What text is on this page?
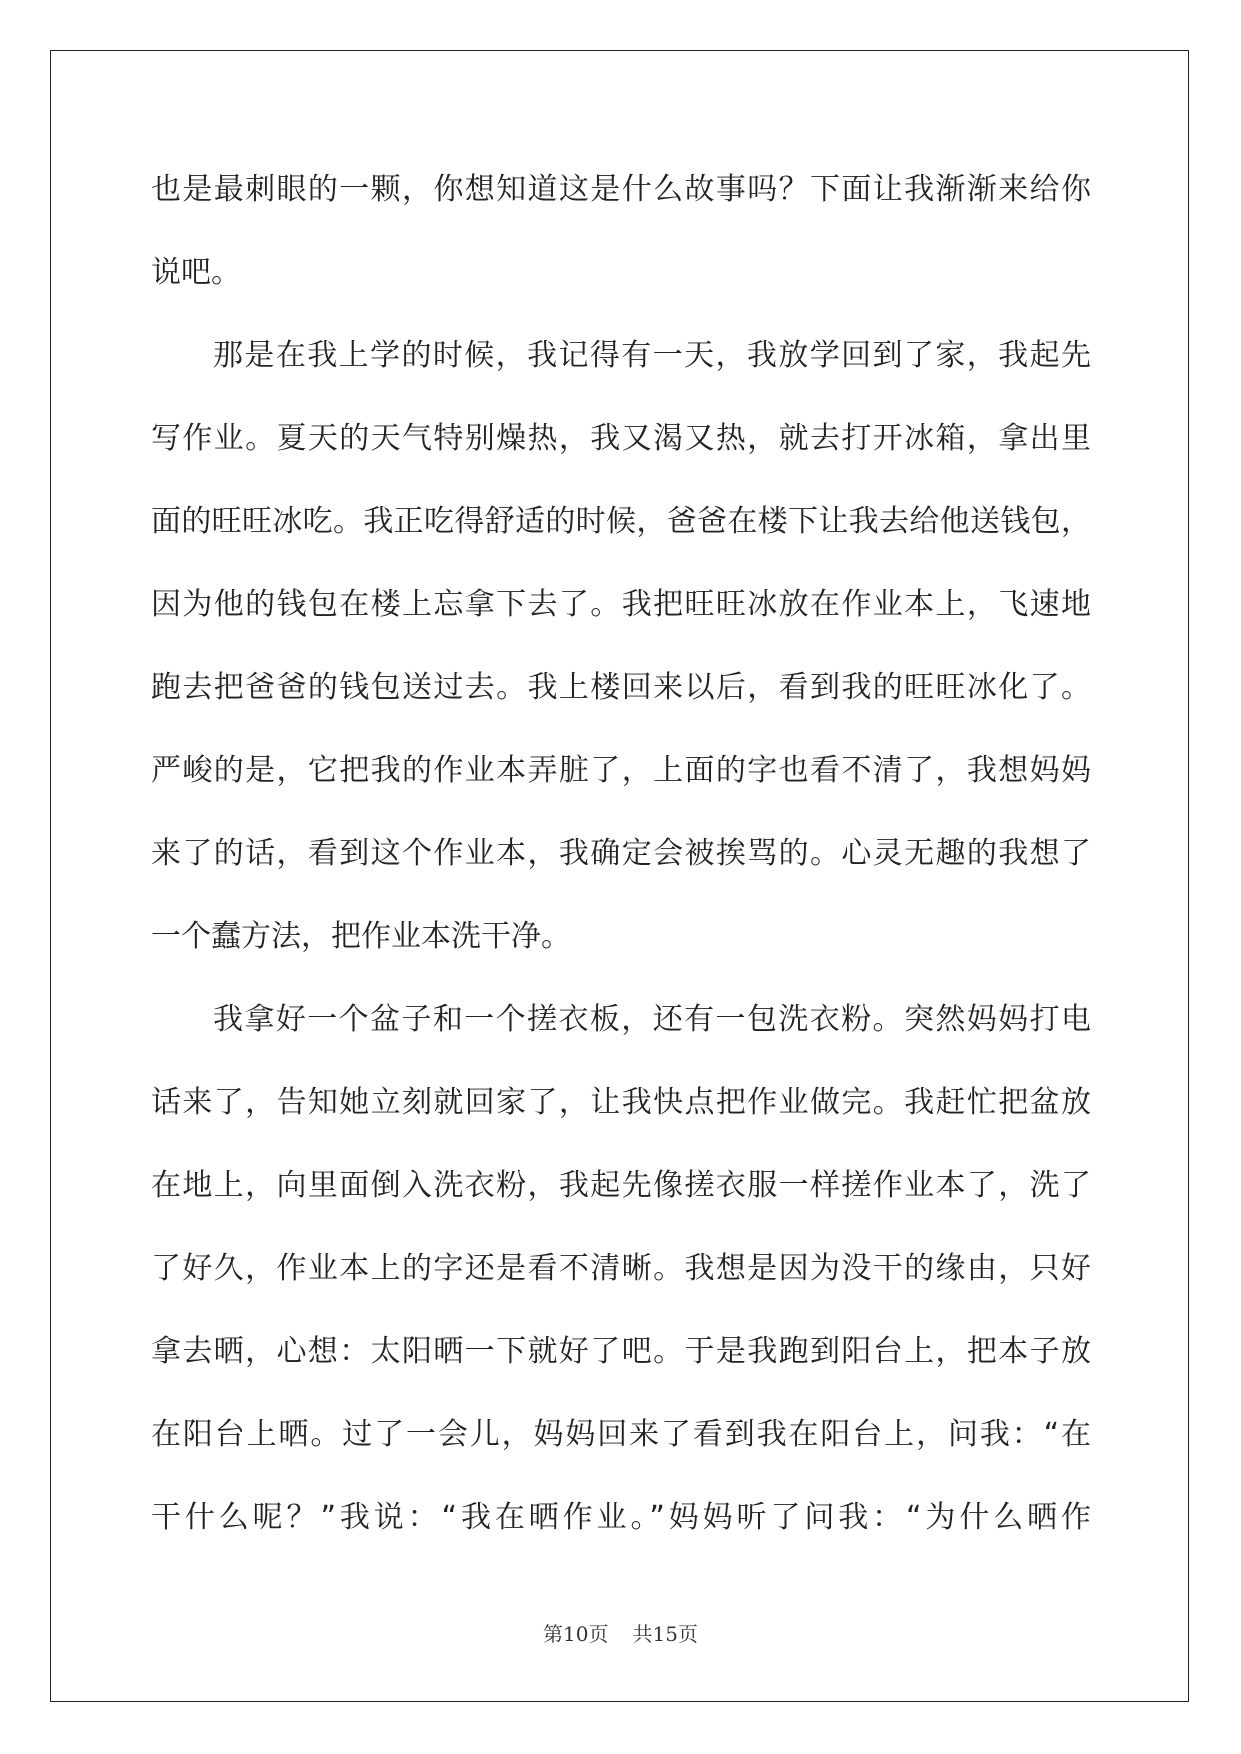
也是最刺眼的一颗，你想知道这是什么故事吗？下面让我渐渐来给你
说吧。
那是在我上学的时候，我记得有一天，我放学回到了家，我起先
写作业。夏天的天气特别燥热，我又渴又热，就去打开冰箱，拿出里
面的旺旺冰吃。我正吃得舒适的时候，爸爸在楼下让我去给他送钱包，
因为他的钱包在楼上忘拿下去了。我把旺旺冰放在作业本上，飞速地
跑去把爸爸的钱包送过去。我上楼回来以后，看到我的旺旺冰化了。
严峻的是，它把我的作业本弄脏了，上面的字也看不清了，我想妈妈
来了的话，看到这个作业本，我确定会被挨骂的。心灵无趣的我想了
一个蠢方法，把作业本洗干净。
我拿好一个盆子和一个搓衣板，还有一包洗衣粉。突然妈妈打电
话来了，告知她立刻就回家了，让我快点把作业做完。我赶忙把盆放
在地上，向里面倒入洗衣粉，我起先像搓衣服一样搓作业本了，洗了
了好久，作业本上的字还是看不清晰。我想是因为没干的缘由，只好
拿去晒，心想：太阳晒一下就好了吧。于是我跑到阳台上，把本子放
在阳台上晒。过了一会儿，妈妈回来了看到我在阳台上，问我：“在
干什么呢？”我说：“我在晒作业。”妈妈听了问我：“为什么晒作
第10页 共15页
